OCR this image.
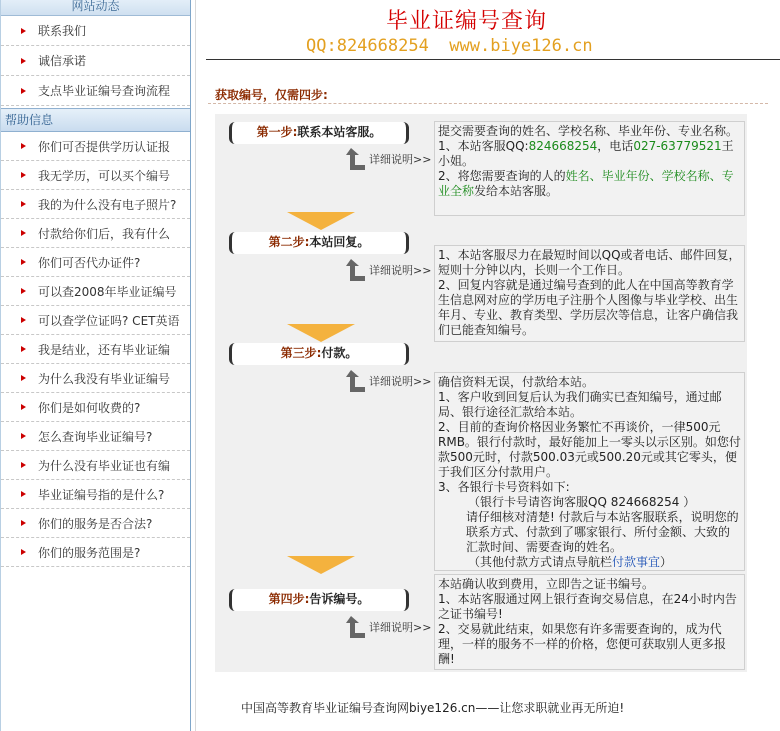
网站动态
联系我们
诚信承诺
支点毕业证编号查询流程
帮助信息
你们可否提供学历认证报
我无学历，可以买个编号
我的为什么没有电子照片?
付款给你们后，我有什么
你们可否代办证件?
可以查2008年毕业证编号
可以查学位证吗? CET英语
我是结业，还有毕业证编
为什么我没有毕业证编号
你们是如何收费的?
怎么查询毕业证编号?
为什么没有毕业证也有编
毕业证编号指的是什么?
你们的服务是否合法?
你们的服务范围是?
毕业证编号查询
QQ:824668254  www.biye126.cn
获取编号，仅需四步:
第一步:联系本站客服。
详细说明>>
第二步:本站回复。
详细说明>>
第三步:付款。
详细说明>>
第四步:告诉编号。
详细说明>>
提交需要查询的姓名、学校名称、毕业年份、专业名称。
1、本站客服QQ:824668254，电话027-63779521王小姐。
2、将您需要查询的人的姓名、毕业年份、学校名称、专业全称发给本站客服。
1、本站客服尽力在最短时间以QQ或者电话、邮件回复，短则十分钟以内，长则一个工作日。
2、回复内容就是通过编号查到的此人在中国高等教育学生信息网对应的学历电子注册个人图像与毕业学校、出生年月、专业、教育类型、学历层次等信息，让客户确信我们已能查知编号。
确信资料无误，付款给本站。
1、客户收到回复后认为我们确实已查知编号，通过邮局、银行途径汇款给本站。
2、目前的查询价格因业务繁忙不再谈价，一律500元RMB。银行付款时，最好能加上一零头以示区别。如您付款500元时，付款500.03元或500.20元或其它零头，便于我们区分付款用户。
3、各银行卡号资料如下:
（银行卡号请咨询客服QQ 824668254 ）
请仔细核对清楚! 付款后与本站客服联系，说明您的联系方式、付款到了哪家银行、所付金额、大致的汇款时间、需要查询的姓名。
（其他付款方式请点导航栏付款事宜）
本站确认收到费用，立即告之证书编号。
1、本站客服通过网上银行查询交易信息，在24小时内告之证书编号!
2、交易就此结束，如果您有许多需要查询的，成为代理，一样的服务不一样的价格，您便可获取别人更多报酬!
中国高等教育毕业证编号查询网biye126.cn——让您求职就业再无所迫!
